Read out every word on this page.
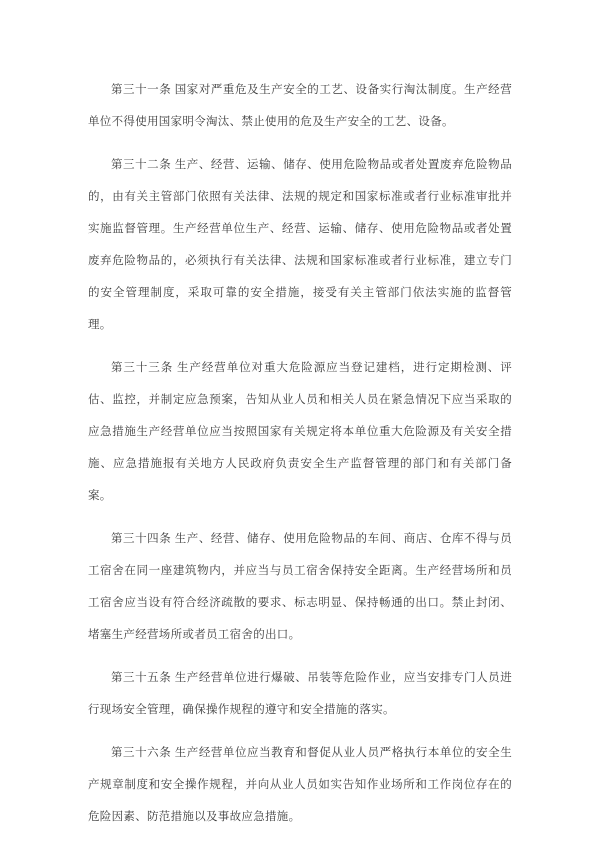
第三十一条 国家对严重危及生产安全的工艺、设备实行淘汰制度。生产经营单位不得使用国家明令淘汰、禁止使用的危及生产安全的工艺、设备。

第三十二条 生产、经营、运输、储存、使用危险物品或者处置废弃危险物品的，由有关主管部门依照有关法律、法规的规定和国家标准或者行业标准审批并实施监督管理。生产经营单位生产、经营、运输、储存、使用危险物品或者处置废弃危险物品的，必须执行有关法律、法规和国家标准或者行业标准，建立专门的安全管理制度，采取可靠的安全措施，接受有关主管部门依法实施的监督管理。

第三十三条 生产经营单位对重大危险源应当登记建档，进行定期检测、评估、监控，并制定应急预案，告知从业人员和相关人员在紧急情况下应当采取的应急措施生产经营单位应当按照国家有关规定将本单位重大危险源及有关安全措施、应急措施报有关地方人民政府负责安全生产监督管理的部门和有关部门备案。

第三十四条 生产、经营、储存、使用危险物品的车间、商店、仓库不得与员工宿舍在同一座建筑物内，并应当与员工宿舍保持安全距离。生产经营场所和员工宿舍应当设有符合经济疏散的要求、标志明显、保持畅通的出口。禁止封闭、堵塞生产经营场所或者员工宿舍的出口。

第三十五条 生产经营单位进行爆破、吊装等危险作业，应当安排专门人员进行现场安全管理，确保操作规程的遵守和安全措施的落实。

第三十六条 生产经营单位应当教育和督促从业人员严格执行本单位的安全生产规章制度和安全操作规程，并向从业人员如实告知作业场所和工作岗位存在的危险因素、防范措施以及事故应急措施。
